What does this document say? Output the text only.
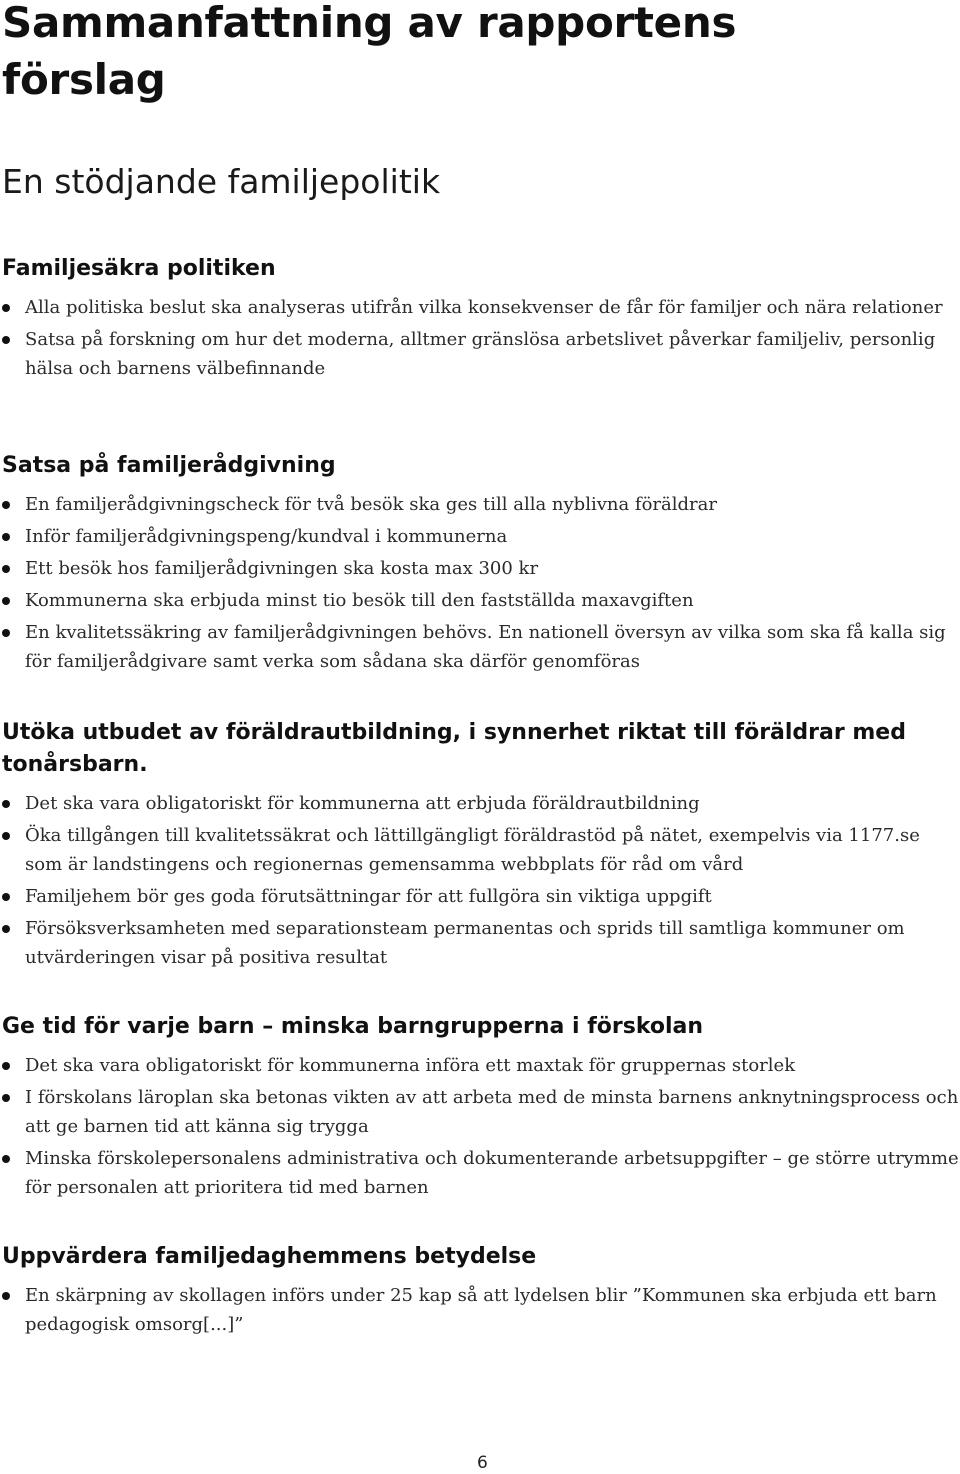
Sammanfattning av rapportens förslag
En stödjande familjepolitik
Familjesäkra politiken
Alla politiska beslut ska analyseras utifrån vilka konsekvenser de får för familjer och nära relationer
Satsa på forskning om hur det moderna, alltmer gränslösa arbetslivet påverkar familjeliv, personlig hälsa och barnens välbefinnande
Satsa på familjerådgivning
En familjerådgivningscheck för två besök ska ges till alla nyblivna föräldrar
Inför familjerådgivningspeng/kundval i kommunerna
Ett besök hos familjerådgivningen ska kosta max 300 kr
Kommunerna ska erbjuda minst tio besök till den fastställda maxavgiften
En kvalitetssäkring av familjerådgivningen behövs. En nationell översyn av vilka som ska få kalla sig för familjerådgivare samt verka som sådana ska därför genomföras
Utöka utbudet av föräldrautbildning, i synnerhet riktat till föräldrar med tonårsbarn.
Det ska vara obligatoriskt för kommunerna att erbjuda föräldrautbildning
Öka tillgången till kvalitetssäkrat och lättillgängligt föräldrastöd på nätet, exempelvis via 1177.se som är landstingens och regionernas gemensamma webbplats för råd om vård
Familjehem bör ges goda förutsättningar för att fullgöra sin viktiga uppgift
Försöksverksamheten med separationsteam permanentas och sprids till samtliga kommuner om utvärderingen visar på positiva resultat
Ge tid för varje barn – minska barngrupperna i förskolan
Det ska vara obligatoriskt för kommunerna införa ett maxtak för gruppernas storlek
I förskolans läroplan ska betonas vikten av att arbeta med de minsta barnens anknytningsprocess och att ge barnen tid att känna sig trygga
Minska förskolepersonalens administrativa och dokumenterande arbetsuppgifter – ge större utrymme för personalen att prioritera tid med barnen
Uppvärdera familjedaghemmens betydelse
En skärpning av skollagen införs under 25 kap så att lydelsen blir ”Kommunen ska erbjuda ett barn pedagogisk omsorg[...]”
6
